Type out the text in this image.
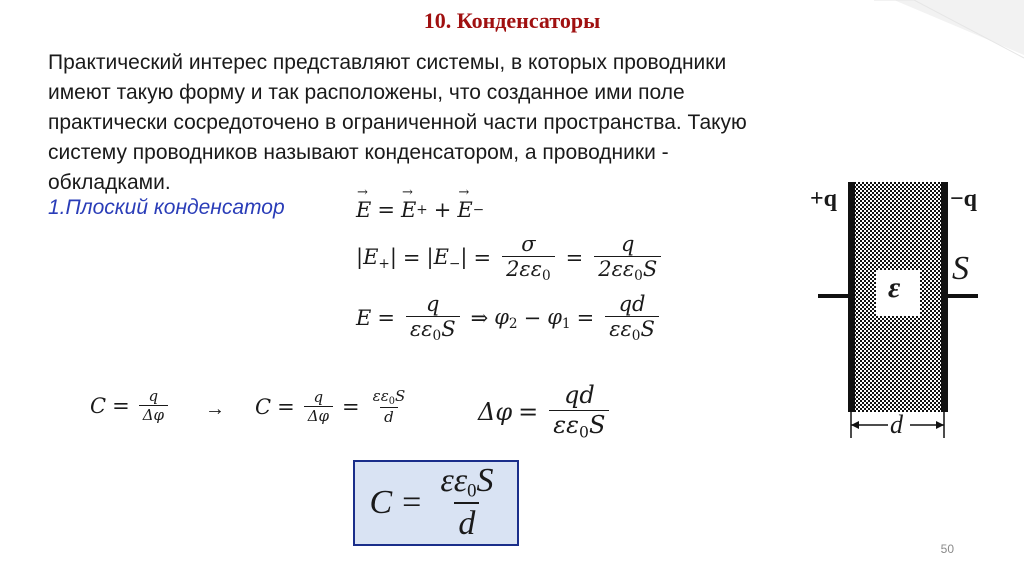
10. Конденсаторы

Практический интерес представляют системы, в которых проводники имеют такую форму и так расположены, что созданное ими поле практически сосредоточено в ограниченной части пространства. Такую систему проводников называют конденсатором, а проводники - обкладками.

1.Плоский конденсатор	→ E = → E + + → E −
$|E_+| = |E_-| = \frac{\sigma}{2\varepsilon\varepsilon_0} = \frac{q}{2\varepsilon\varepsilon_0S}$
$E = \frac{q}{\varepsilon\varepsilon_0S}$ ⇒ $\varphi_2 - \varphi_1 = \frac{qd}{\varepsilon\varepsilon_0S}$
$C = \frac{q}{\Delta\varphi} \to C = \frac{q}{\Delta\varphi} = \frac{\varepsilon\varepsilon_0S}{d}$	$\Delta\varphi = \frac{qd}{\varepsilon\varepsilon_0S}$
$C = \frac{\varepsilon\varepsilon_0S}{d}$
+q	−q
S
ε
d
50
